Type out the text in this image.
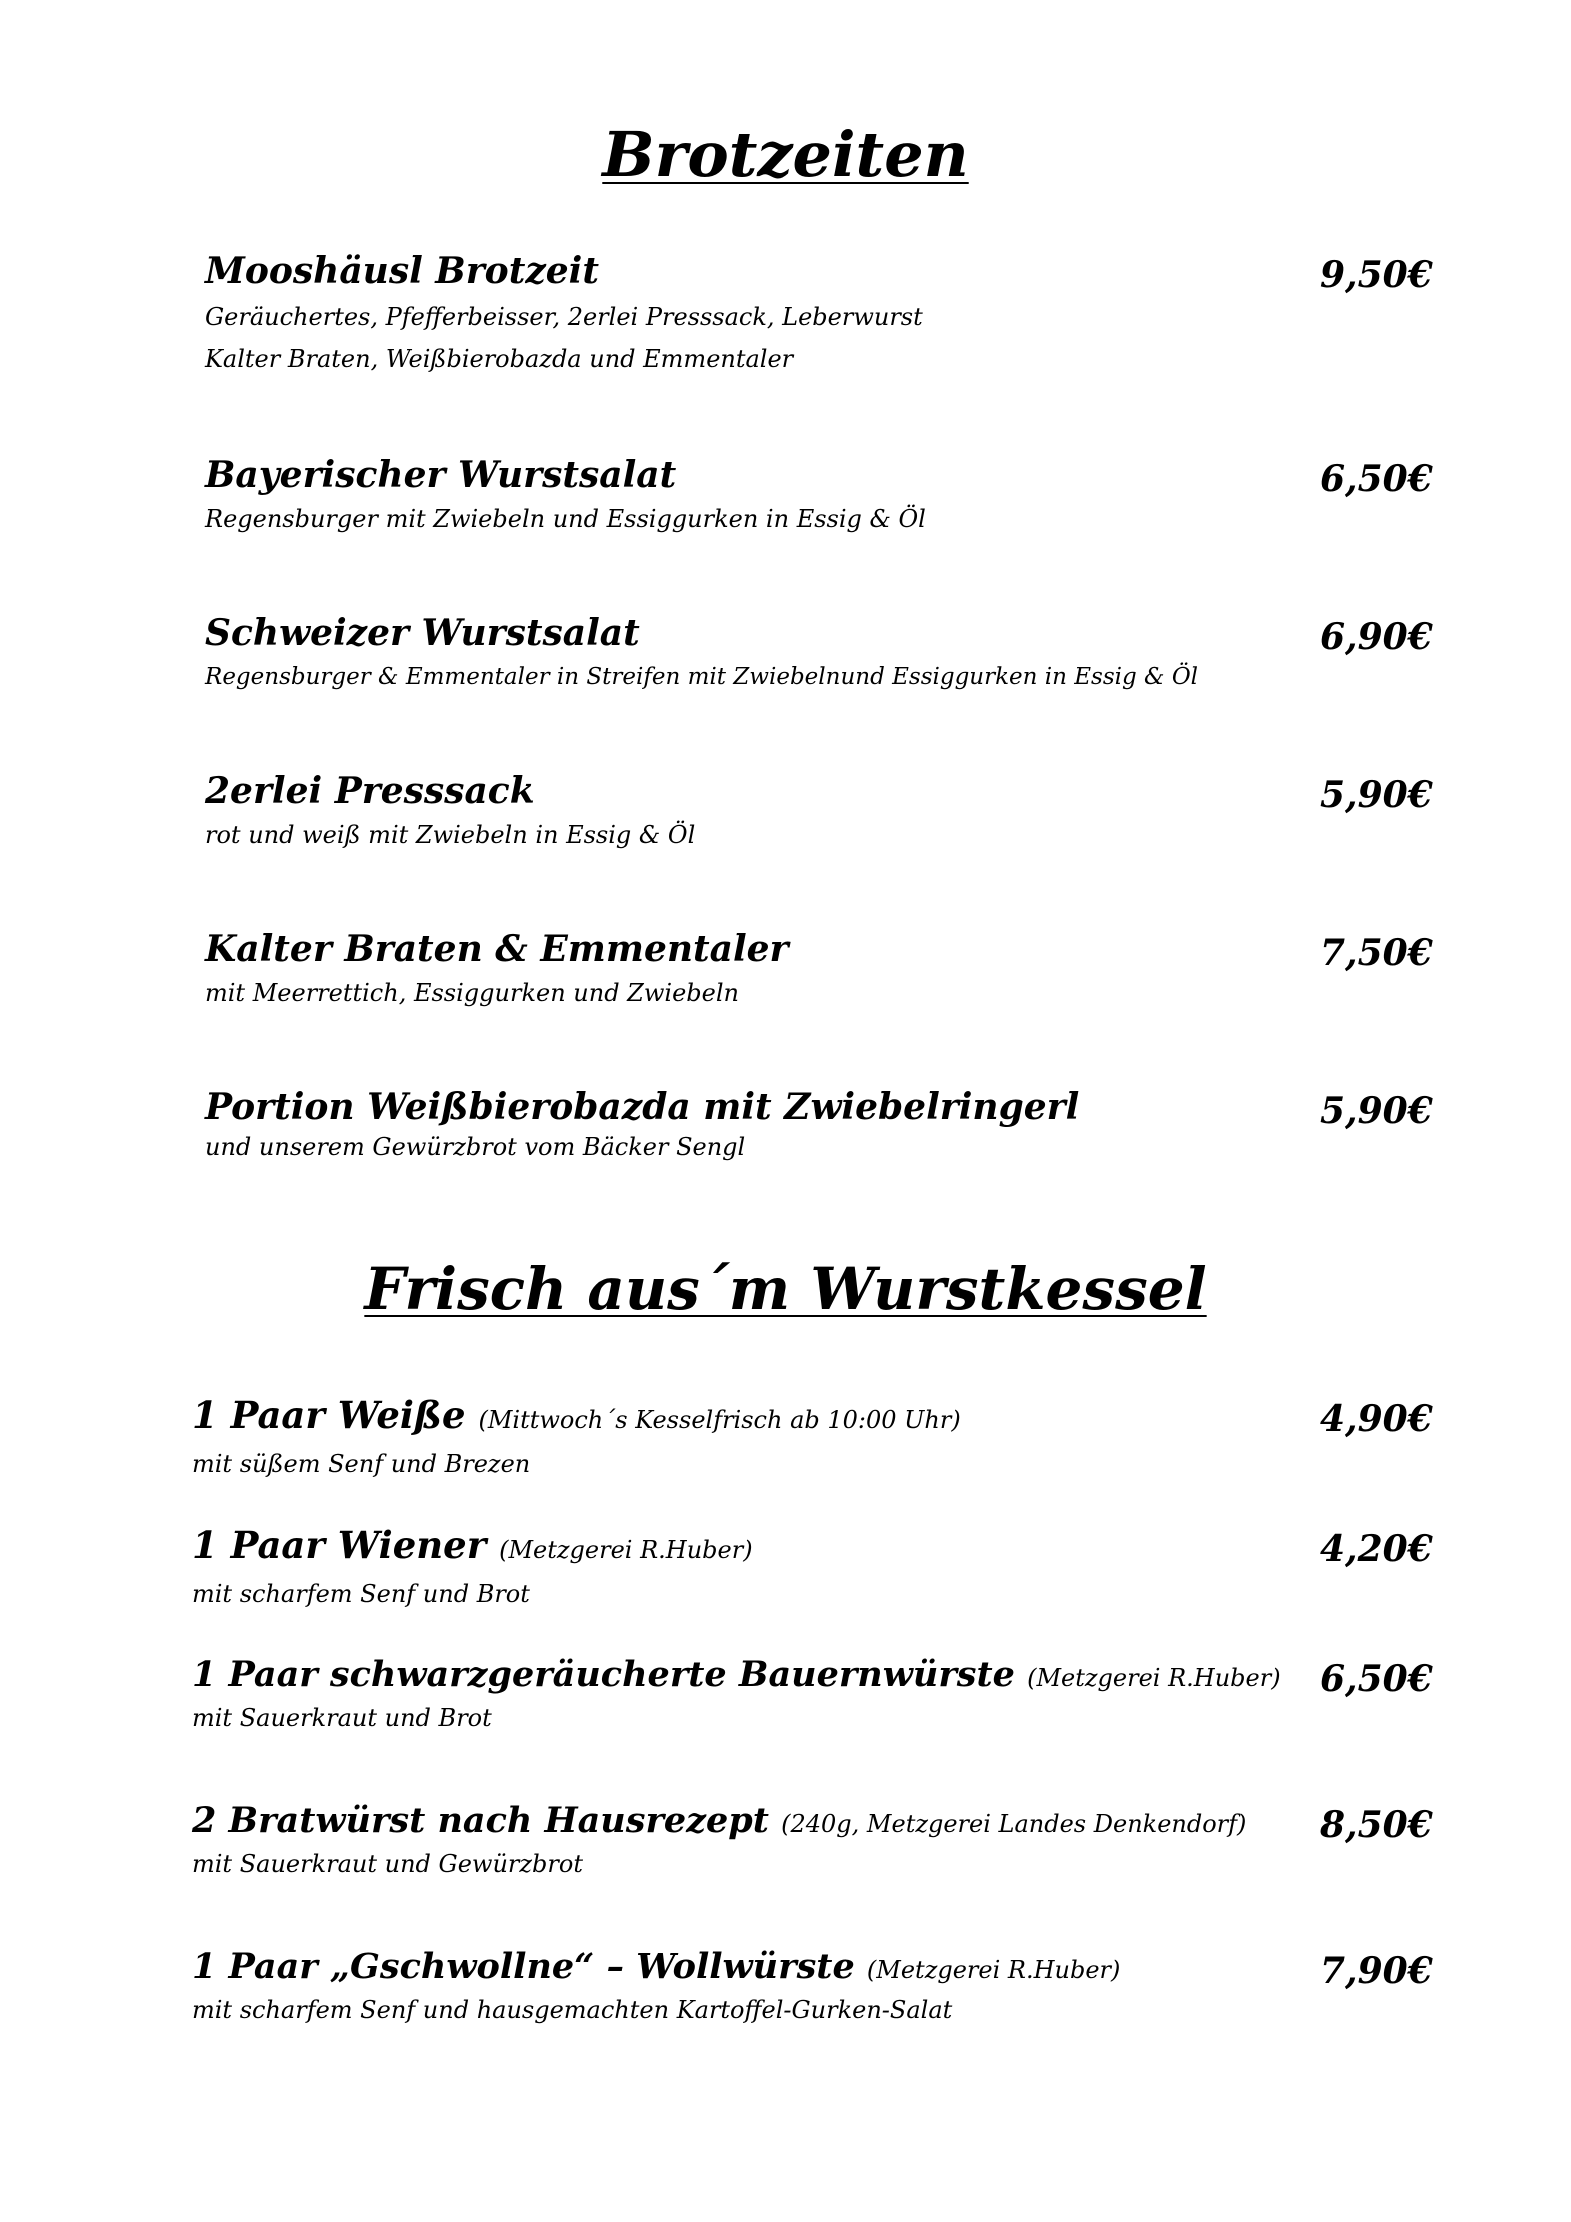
Brotzeiten
Mooshäusl Brotzeit
Geräuchertes, Pfefferbeisser, 2erlei Presssack, Leberwurst
Kalter Braten, Weißbierobazda und Emmentaler
9,50€
Bayerischer Wurstsalat
Regensburger mit Zwiebeln und Essiggurken in Essig & Öl
6,50€
Schweizer Wurstsalat
Regensburger & Emmentaler in Streifen mit Zwiebelnund Essiggurken in Essig & Öl
6,90€
2erlei Presssack
rot und weiß mit Zwiebeln in Essig & Öl
5,90€
Kalter Braten & Emmentaler
mit Meerrettich, Essiggurken und Zwiebeln
7,50€
Portion Weißbierobazda mit Zwiebelringerl
und unserem Gewürzbrot vom Bäcker Sengl
5,90€
Frisch aus´m Wurstkessel
1 Paar Weiße (Mittwoch´s Kesselfrisch ab 10:00 Uhr)
mit süßem Senf und Brezen
4,90€
1 Paar Wiener (Metzgerei R.Huber)
mit scharfem Senf und Brot
4,20€
1 Paar schwarzgeräucherte Bauernwürste (Metzgerei R.Huber)
mit Sauerkraut und Brot
6,50€
2 Bratwürst nach Hausrezept (240g, Metzgerei Landes Denkendorf)
mit Sauerkraut und Gewürzbrot
8,50€
1 Paar „Gschwollne“ – Wollwürste (Metzgerei R.Huber)
mit scharfem Senf und hausgemachten Kartoffel-Gurken-Salat
7,90€
